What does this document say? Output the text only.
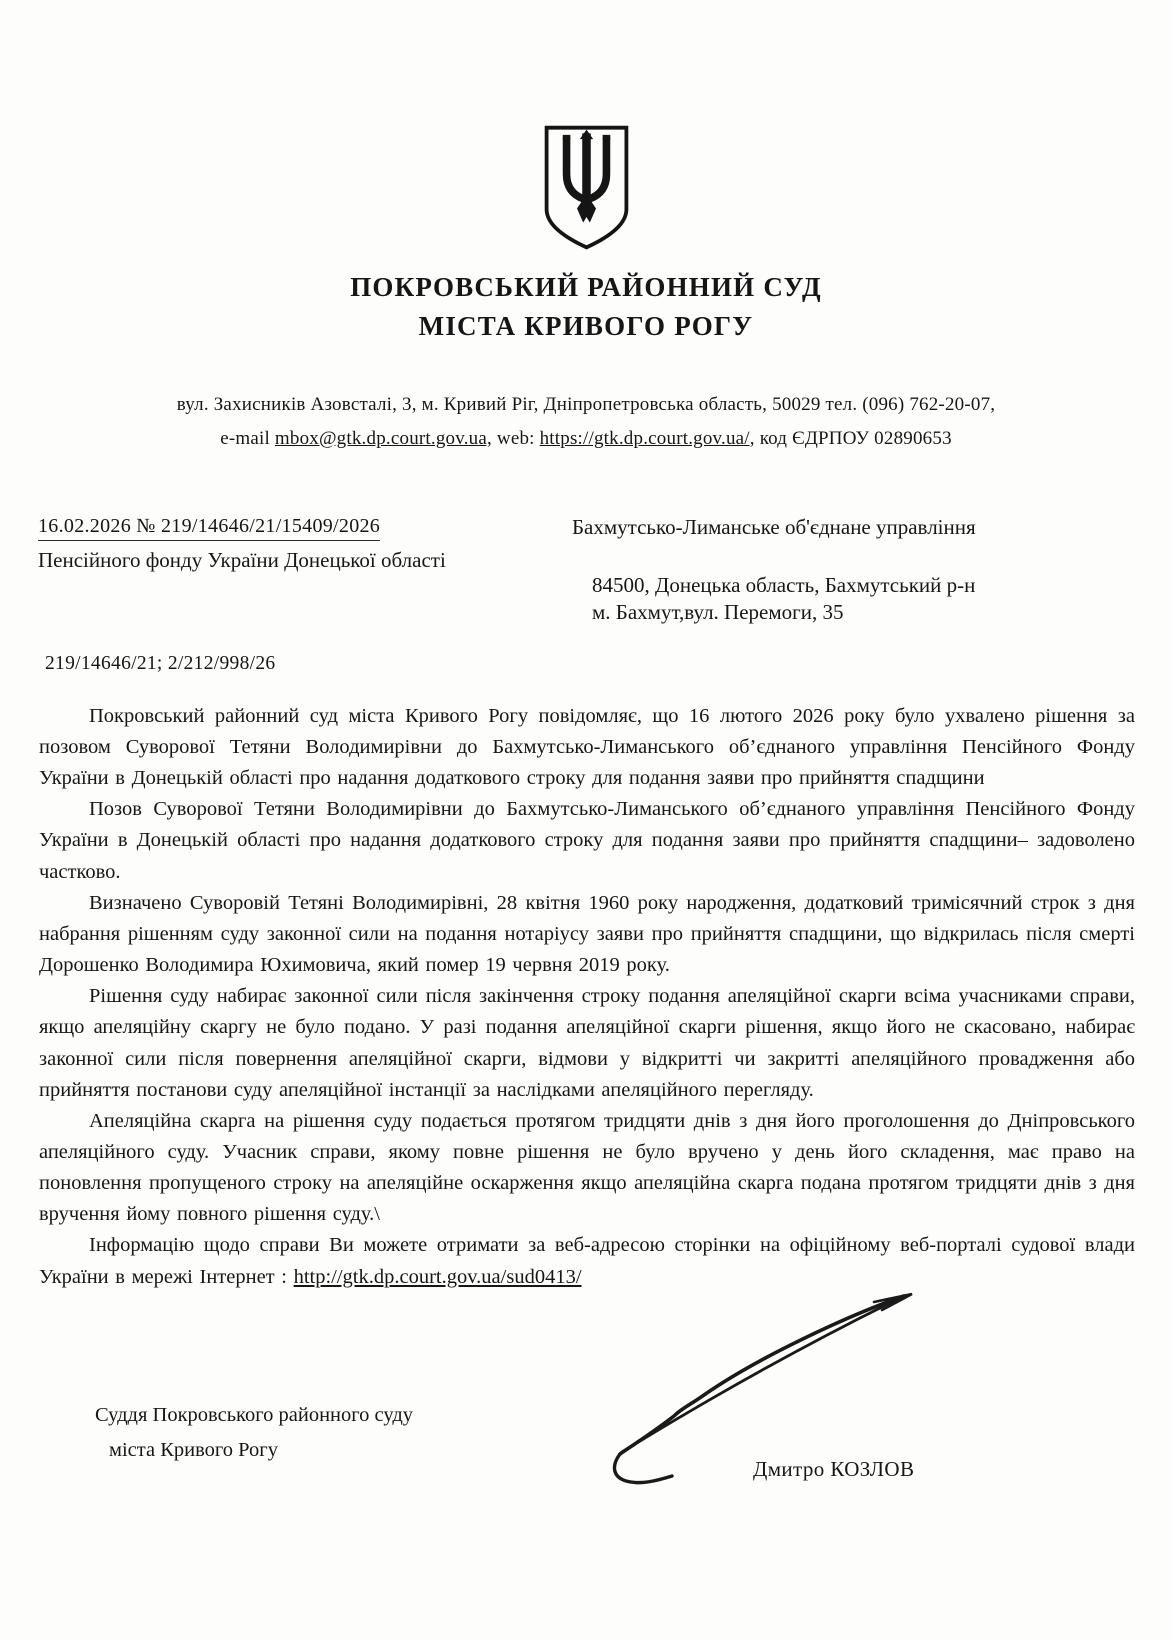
ПОКРОВСЬКИЙ РАЙОННИЙ СУД
МІСТА КРИВОГО РОГУ
вул. Захисників Азовсталі, 3, м. Кривий Ріг, Дніпропетровська область, 50029 тел. (096) 762-20-07,
e-mail mbox@gtk.dp.court.gov.ua, web: https://gtk.dp.court.gov.ua/, код ЄДРПОУ 02890653
16.02.2026 № 219/14646/21/15409/2026
Пенсійного фонду України Донецької області
Бахмутсько-Лиманське об'єднане управління
84500, Донецька область, Бахмутський р-н
м. Бахмут,вул. Перемоги, 35
219/14646/21; 2/212/998/26

Покровський районний суд міста Кривого Рогу повідомляє, що 16 лютого 2026 року було ухвалено рішення за позовом Суворової Тетяни Володимирівни до Бахмутсько-Лиманського об’єднаного управління Пенсійного Фонду України в Донецькій області про надання додаткового строку для подання заяви про прийняття спадщини

Позов Суворової Тетяни Володимирівни до Бахмутсько-Лиманського об’єднаного управління Пенсійного Фонду України в Донецькій області про надання додаткового строку для подання заяви про прийняття спадщини– задоволено частково.

Визначено Суворовій Тетяні Володимирівні, 28 квітня 1960 року народження, додатковий тримісячний строк з дня набрання рішенням суду законної сили на подання нотаріусу заяви про прийняття спадщини, що відкрилась після смерті Дорошенко Володимира Юхимовича, який помер 19 червня 2019 року.

Рішення суду набирає законної сили після закінчення строку подання апеляційної скарги всіма учасниками справи, якщо апеляційну скаргу не було подано. У разі подання апеляційної скарги рішення, якщо його не скасовано, набирає законної сили після повернення апеляційної скарги, відмови у відкритті чи закритті апеляційного провадження або прийняття постанови суду апеляційної інстанції за наслідками апеляційного перегляду.

Апеляційна скарга на рішення суду подається протягом тридцяти днів з дня його проголошення до Дніпровського апеляційного суду. Учасник справи, якому повне рішення не було вручено у день його складення, має право на поновлення пропущеного строку на апеляційне оскарження якщо апеляційна скарга подана протягом тридцяти днів з дня вручення йому повного рішення суду.\

Інформацію щодо справи Ви можете отримати за веб-адресою сторінки на офіційному веб-порталі судової влади України в мережі Інтернет : http://gtk.dp.court.gov.ua/sud0413/

Суддя Покровського районного суду
міста Кривого Рогу
Дмитро КОЗЛОВ
